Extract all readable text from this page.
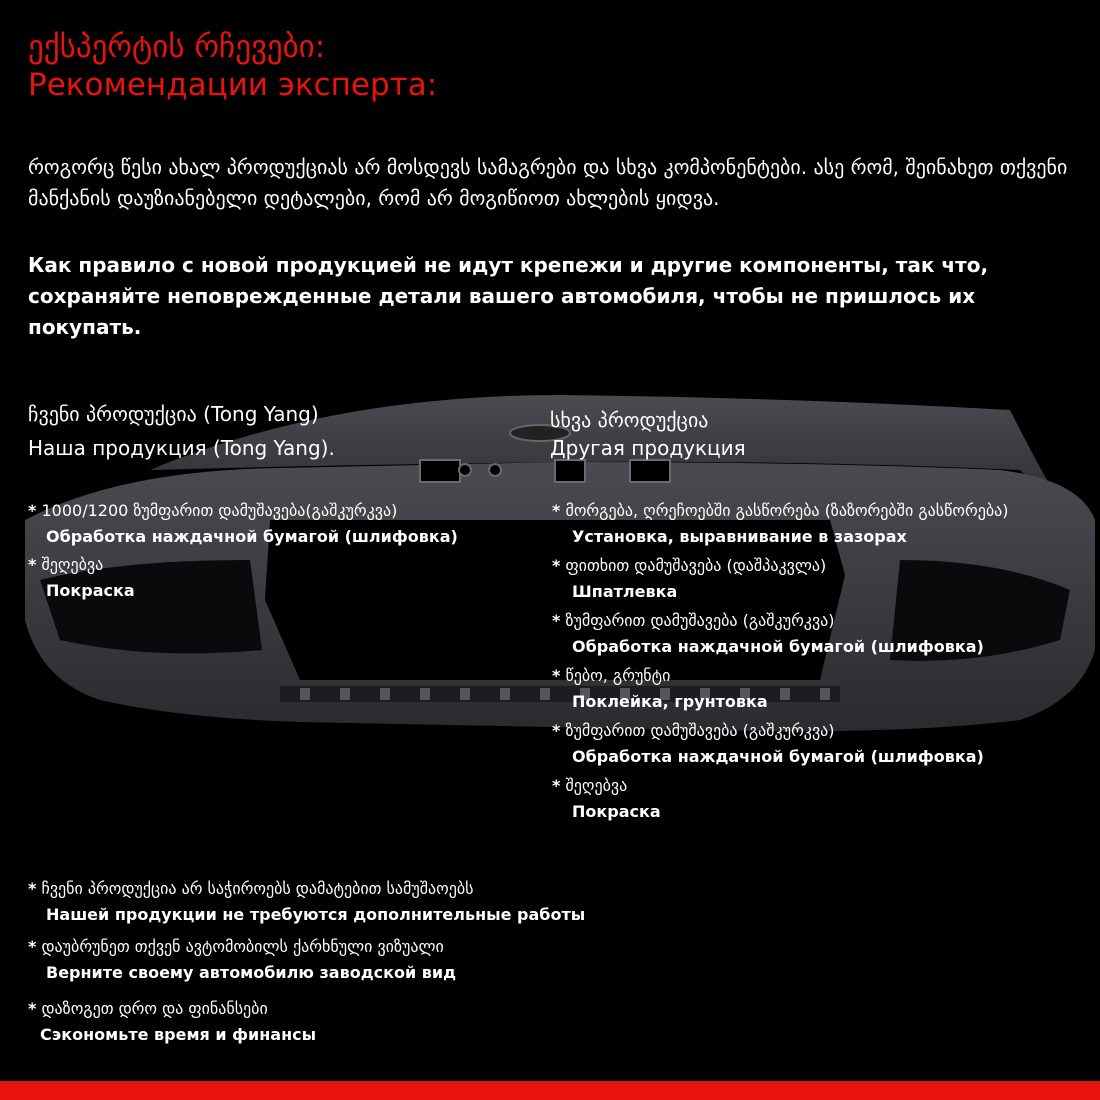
ექსპერტის რჩევები:
Рекомендации эксперта:
როგორც წესი ახალ პროდუქციას არ მოსდევს სამაგრები და სხვა კომპონენტები. ასე რომ, შეინახეთ თქვენი მანქანის დაუზიანებელი დეტალები, რომ არ მოგიწიოთ ახლების ყიდვა.
Как правило с новой продукцией не идут крепежи и другие компоненты, так что, сохраняйте неповрежденные детали вашего автомобиля, чтобы не пришлось их покупать.
ჩვენი პროდუქცია (Tong Yang)
Наша продукция (Tong Yang).
* 1000/1200 ზუმფარით დამუშავება(გაშკურკვა)
Обработка наждачной бумагой (шлифовка)
* შეღებვა
Покраска
სხვა პროდუქცია
Другая продукция
* მორგება, ღრეჩოებში გასწორება (ზაზორებში გასწორება)
Установка, выравнивание в зазорах
* ფითხით დამუშავება (დაშპაკვლა)
Шпатлевка
* ზუმფარით დამუშავება (გაშკურკვა)
Обработка наждачной бумагой (шлифовка)
* წებო, გრუნტი
Поклейка, грунтовка
* ზუმფარით დამუშავება (გაშკურკვა)
Обработка наждачной бумагой (шлифовка)
* შეღებვა
Покраска
* ჩვენი პროდუქცია არ საჭიროებს დამატებით სამუშაოებს
Нашей продукции не требуются дополнительные работы
* დაუბრუნეთ თქვენ ავტომობილს ქარხნული ვიზუალი
Верните своему автомобилю заводской вид
* დაზოგეთ დრო და ფინანსები
Сэкономьте время и финансы
